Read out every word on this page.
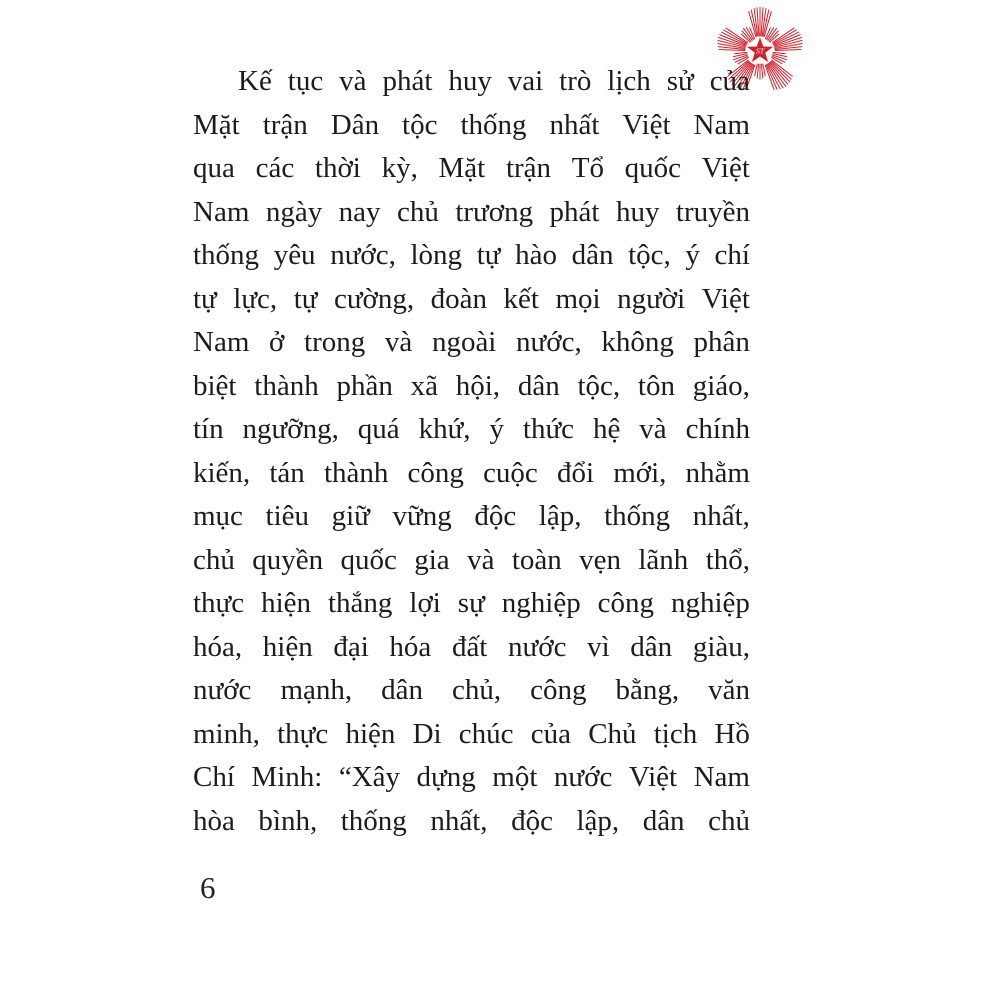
ST
Kế tục và phát huy vai trò lịch sử của
Mặt trận Dân tộc thống nhất Việt Nam
qua các thời kỳ, Mặt trận Tổ quốc Việt
Nam ngày nay chủ trương phát huy truyền
thống yêu nước, lòng tự hào dân tộc, ý chí
tự lực, tự cường, đoàn kết mọi người Việt
Nam ở trong và ngoài nước, không phân
biệt thành phần xã hội, dân tộc, tôn giáo,
tín ngưỡng, quá khứ, ý thức hệ và chính
kiến, tán thành công cuộc đổi mới, nhằm
mục tiêu giữ vững độc lập, thống nhất,
chủ quyền quốc gia và toàn vẹn lãnh thổ,
thực hiện thắng lợi sự nghiệp công nghiệp
hóa, hiện đại hóa đất nước vì dân giàu,
nước mạnh, dân chủ, công bằng, văn
minh, thực hiện Di chúc của Chủ tịch Hồ
Chí Minh: “Xây dựng một nước Việt Nam
hòa bình, thống nhất, độc lập, dân chủ
6
